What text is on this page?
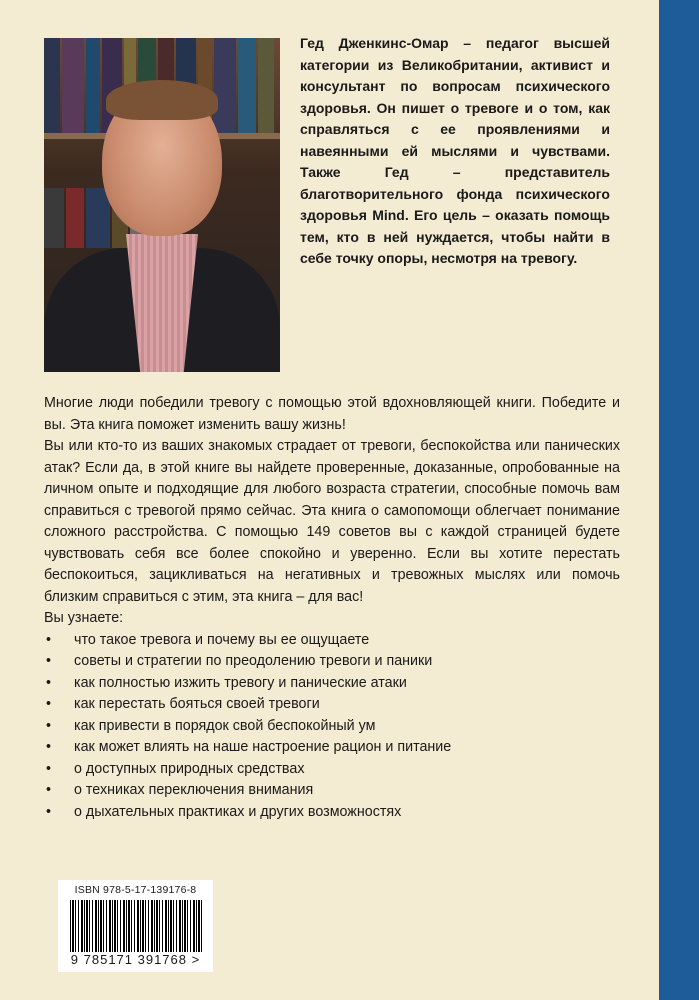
Гед Дженкинс-Омар – педагог высшей категории из Великобритании, активист и консультант по вопросам психического здоровья. Он пишет о тревоге и о том, как справляться с ее проявлениями и навеянными ей мыслями и чувствами. Также Гед – представитель благотворительного фонда психического здоровья Mind. Его цель – оказать помощь тем, кто в ней нуждается, чтобы найти в себе точку опоры, несмотря на тревогу.

Многие люди победили тревогу с помощью этой вдохновляющей книги. Победите и вы. Эта книга поможет изменить вашу жизнь!

Вы или кто-то из ваших знакомых страдает от тревоги, беспокойства или панических атак? Если да, в этой книге вы найдете проверенные, доказанные, опробованные на личном опыте и подходящие для любого возраста стратегии, способные помочь вам справиться с тревогой прямо сейчас. Эта книга о самопомощи облегчает понимание сложного расстройства. С помощью 149 советов вы с каждой страницей будете чувствовать себя все более спокойно и уверенно. Если вы хотите перестать беспокоиться, зацикливаться на негативных и тревожных мыслях или помочь близким справиться с этим, эта книга – для вас!

Вы узнаете:

• что такое тревога и почему вы ее ощущаете
• советы и стратегии по преодолению тревоги и паники
• как полностью изжить тревогу и панические атаки
• как перестать бояться своей тревоги
• как привести в порядок свой беспокойный ум
• как может влиять на наше настроение рацион и питание
• о доступных природных средствах
• о техниках переключения внимания
• о дыхательных практиках и других возможностях
ISBN 978-5-17-139176-8
9 785171 391768 >
